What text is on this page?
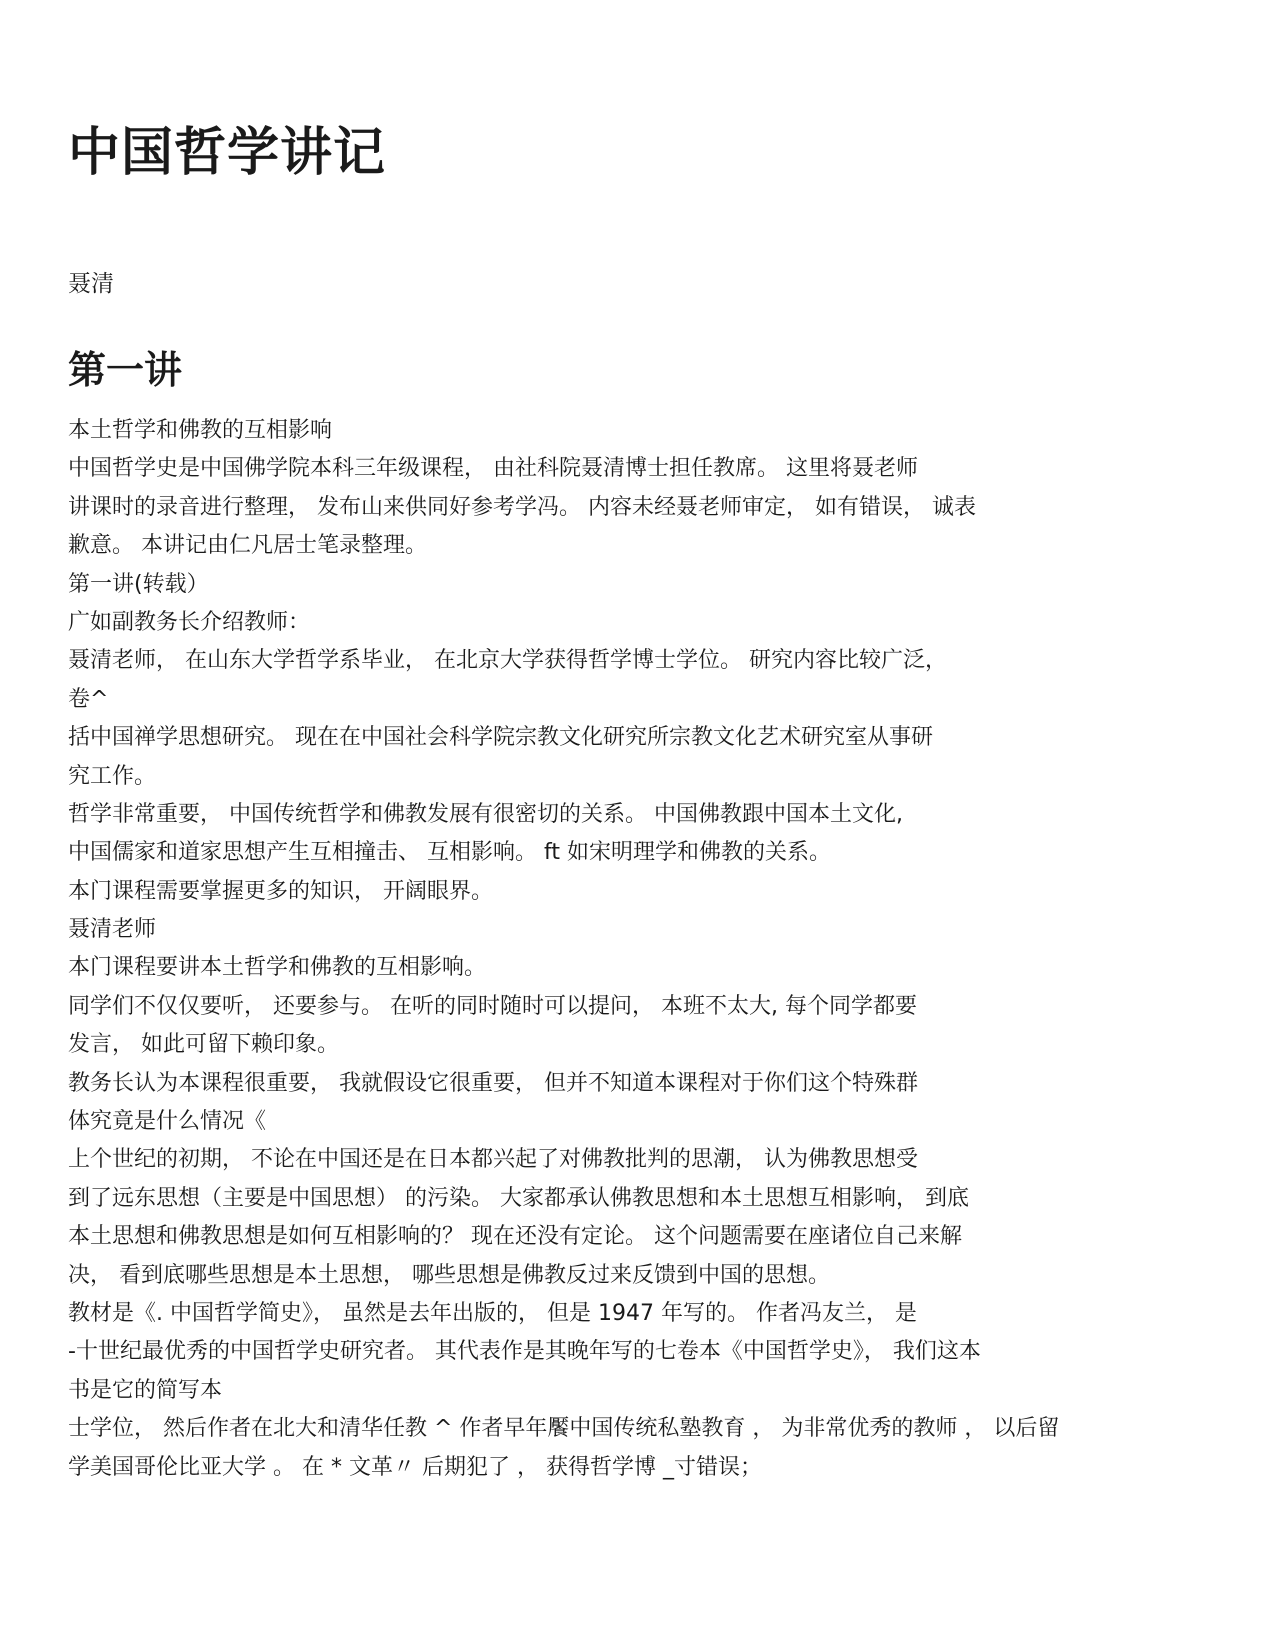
中国哲学讲记
聂清
第一讲
本土哲学和佛教的互相影响
中国哲学史是中国佛学院本科三年级课程， 由社科院聂清博士担任教席。 这里将聂老师
讲课时的录音进行整理， 发布山来供同好参考学冯。 内容未经聂老师审定， 如有错误， 诚表
歉意。 本讲记由仁凡居士笔录整理。
第一讲(转载）
广如副教务长介绍教师：
聂清老师， 在山东大学哲学系毕业， 在北京大学获得哲学博士学位。 研究内容比较广泛，
卷^
括中国禅学思想研究。 现在在中国社会科学院宗教文化研究所宗教文化艺术研究室从事研
究工作。
哲学非常重要， 中国传统哲学和佛教发展有很密切的关系。 中国佛教跟中国本土文化,
中国儒家和道家思想产生互相撞击、 互相影响。 ft 如宋明理学和佛教的关系。
本门课程需要掌握更多的知识， 开阔眼界。
聂清老师
本门课程要讲本土哲学和佛教的互相影响。
同学们不仅仅要听， 还要参与。 在听的同时随时可以提问， 本班不太大, 每个同学都要
发言， 如此可留下赖印象。
教务长认为本课程很重要， 我就假设它很重要， 但并不知道本课程对于你们这个特殊群
体究竟是什么情况《
上个世纪的初期， 不论在中国还是在日本都兴起了对佛教批判的思潮， 认为佛教思想受
到了远东思想（主要是中国思想） 的污染。 大家都承认佛教思想和本土思想互相影响， 到底
本土思想和佛教思想是如何互相影响的？ 现在还没有定论。 这个问题需要在座诸位自己来解
决， 看到底哪些思想是本土思想， 哪些思想是佛教反过来反馈到中国的思想。
教材是《. 中国哲学简史》， 虽然是去年出版的， 但是 1947 年写的。 作者冯友兰， 是
-十世纪最优秀的中国哲学史研究者。 其代表作是其晚年写的七卷本《中国哲学史》， 我们这本
书是它的简写本
士学位， 然后作者在北大和清华任教 ^ 作者早年饜中国传统私塾教育 ， 为非常优秀的教师 ， 以后留
学美国哥伦比亚大学 。 在 * 文革〃 后期犯了 ， 获得哲学博 _寸错误；
